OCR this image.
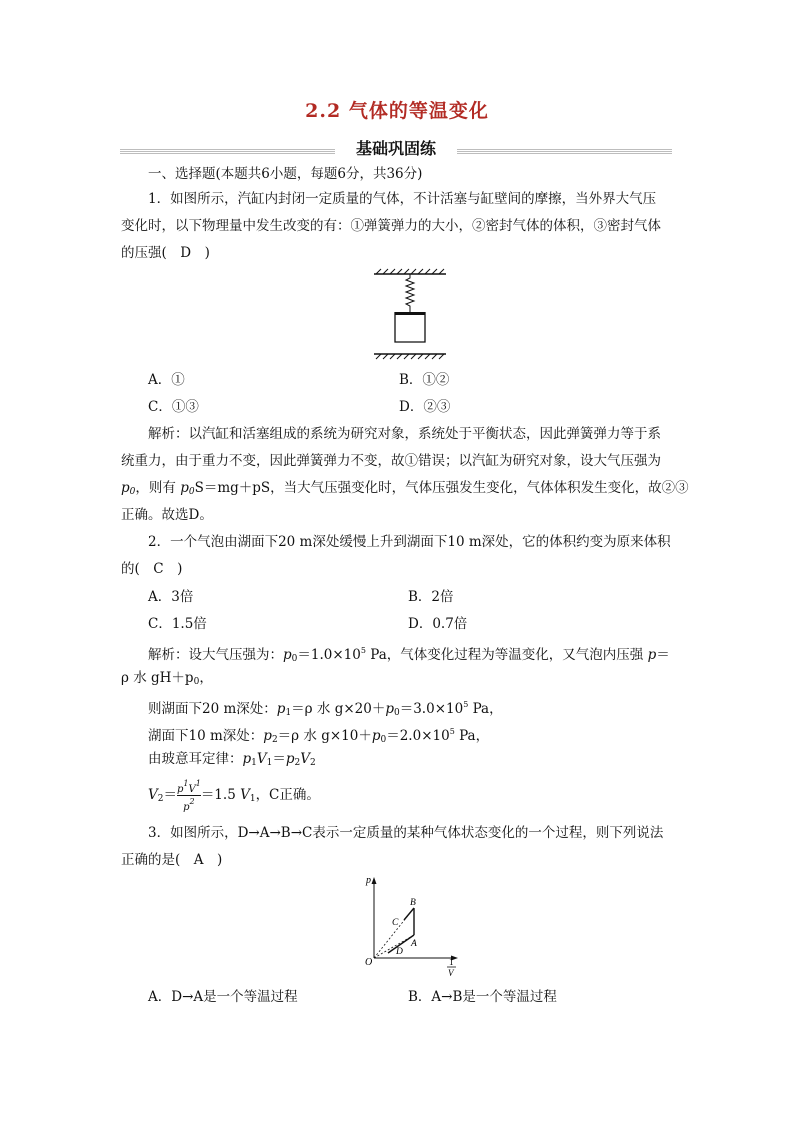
2.2 气体的等温变化
基础巩固练
一、选择题(本题共6小题，每题6分，共36分)
1．如图所示，汽缸内封闭一定质量的气体，不计活塞与缸壁间的摩擦，当外界大气压
变化时，以下物理量中发生改变的有：①弹簧弹力的大小，②密封气体的体积，③密封气体
的压强(　D　)
A．①	B．①②
C．①③	D．②③
解析：以汽缸和活塞组成的系统为研究对象，系统处于平衡状态，因此弹簧弹力等于系
统重力，由于重力不变，因此弹簧弹力不变，故①错误；以汽缸为研究对象，设大气压强为
$p_0$，则有 $p_0S=mg+pS$，当大气压强变化时，气体压强发生变化，气体体积发生变化，故②③
正确。故选D。
2．一个气泡由湖面下20 m深处缓慢上升到湖面下10 m深处，它的体积约变为原来体积
的(　C　)
A．3倍	B．2倍
C．1.5倍	D．0.7倍
解析：设大气压强为：$p_0=1.0\times 10^5$ Pa，气体变化过程为等温变化，又气泡内压强 p＝
ρ 水 $gH+p_0$，
则湖面下20 m深处：$p_1=\rho$ 水 $g\times 20+p_0=3.0\times 10^5$ Pa，
湖面下10 m深处：$p_2=\rho$ 水 $g\times 10+p_0=2.0\times 10^5$ Pa，
由玻意耳定律：$p_1V_1=p_2V_2$
$V_2= \frac{p^1V^1}{p^2} =1.5$ $V_1$，C正确。
3．如图所示，D→A→B→C表示一定质量的某种气体状态变化的一个过程，则下列说法
正确的是(　A　)
p
O
B
C
A
D
1
V
A．D→A是一个等温过程	B．A→B是一个等温过程
